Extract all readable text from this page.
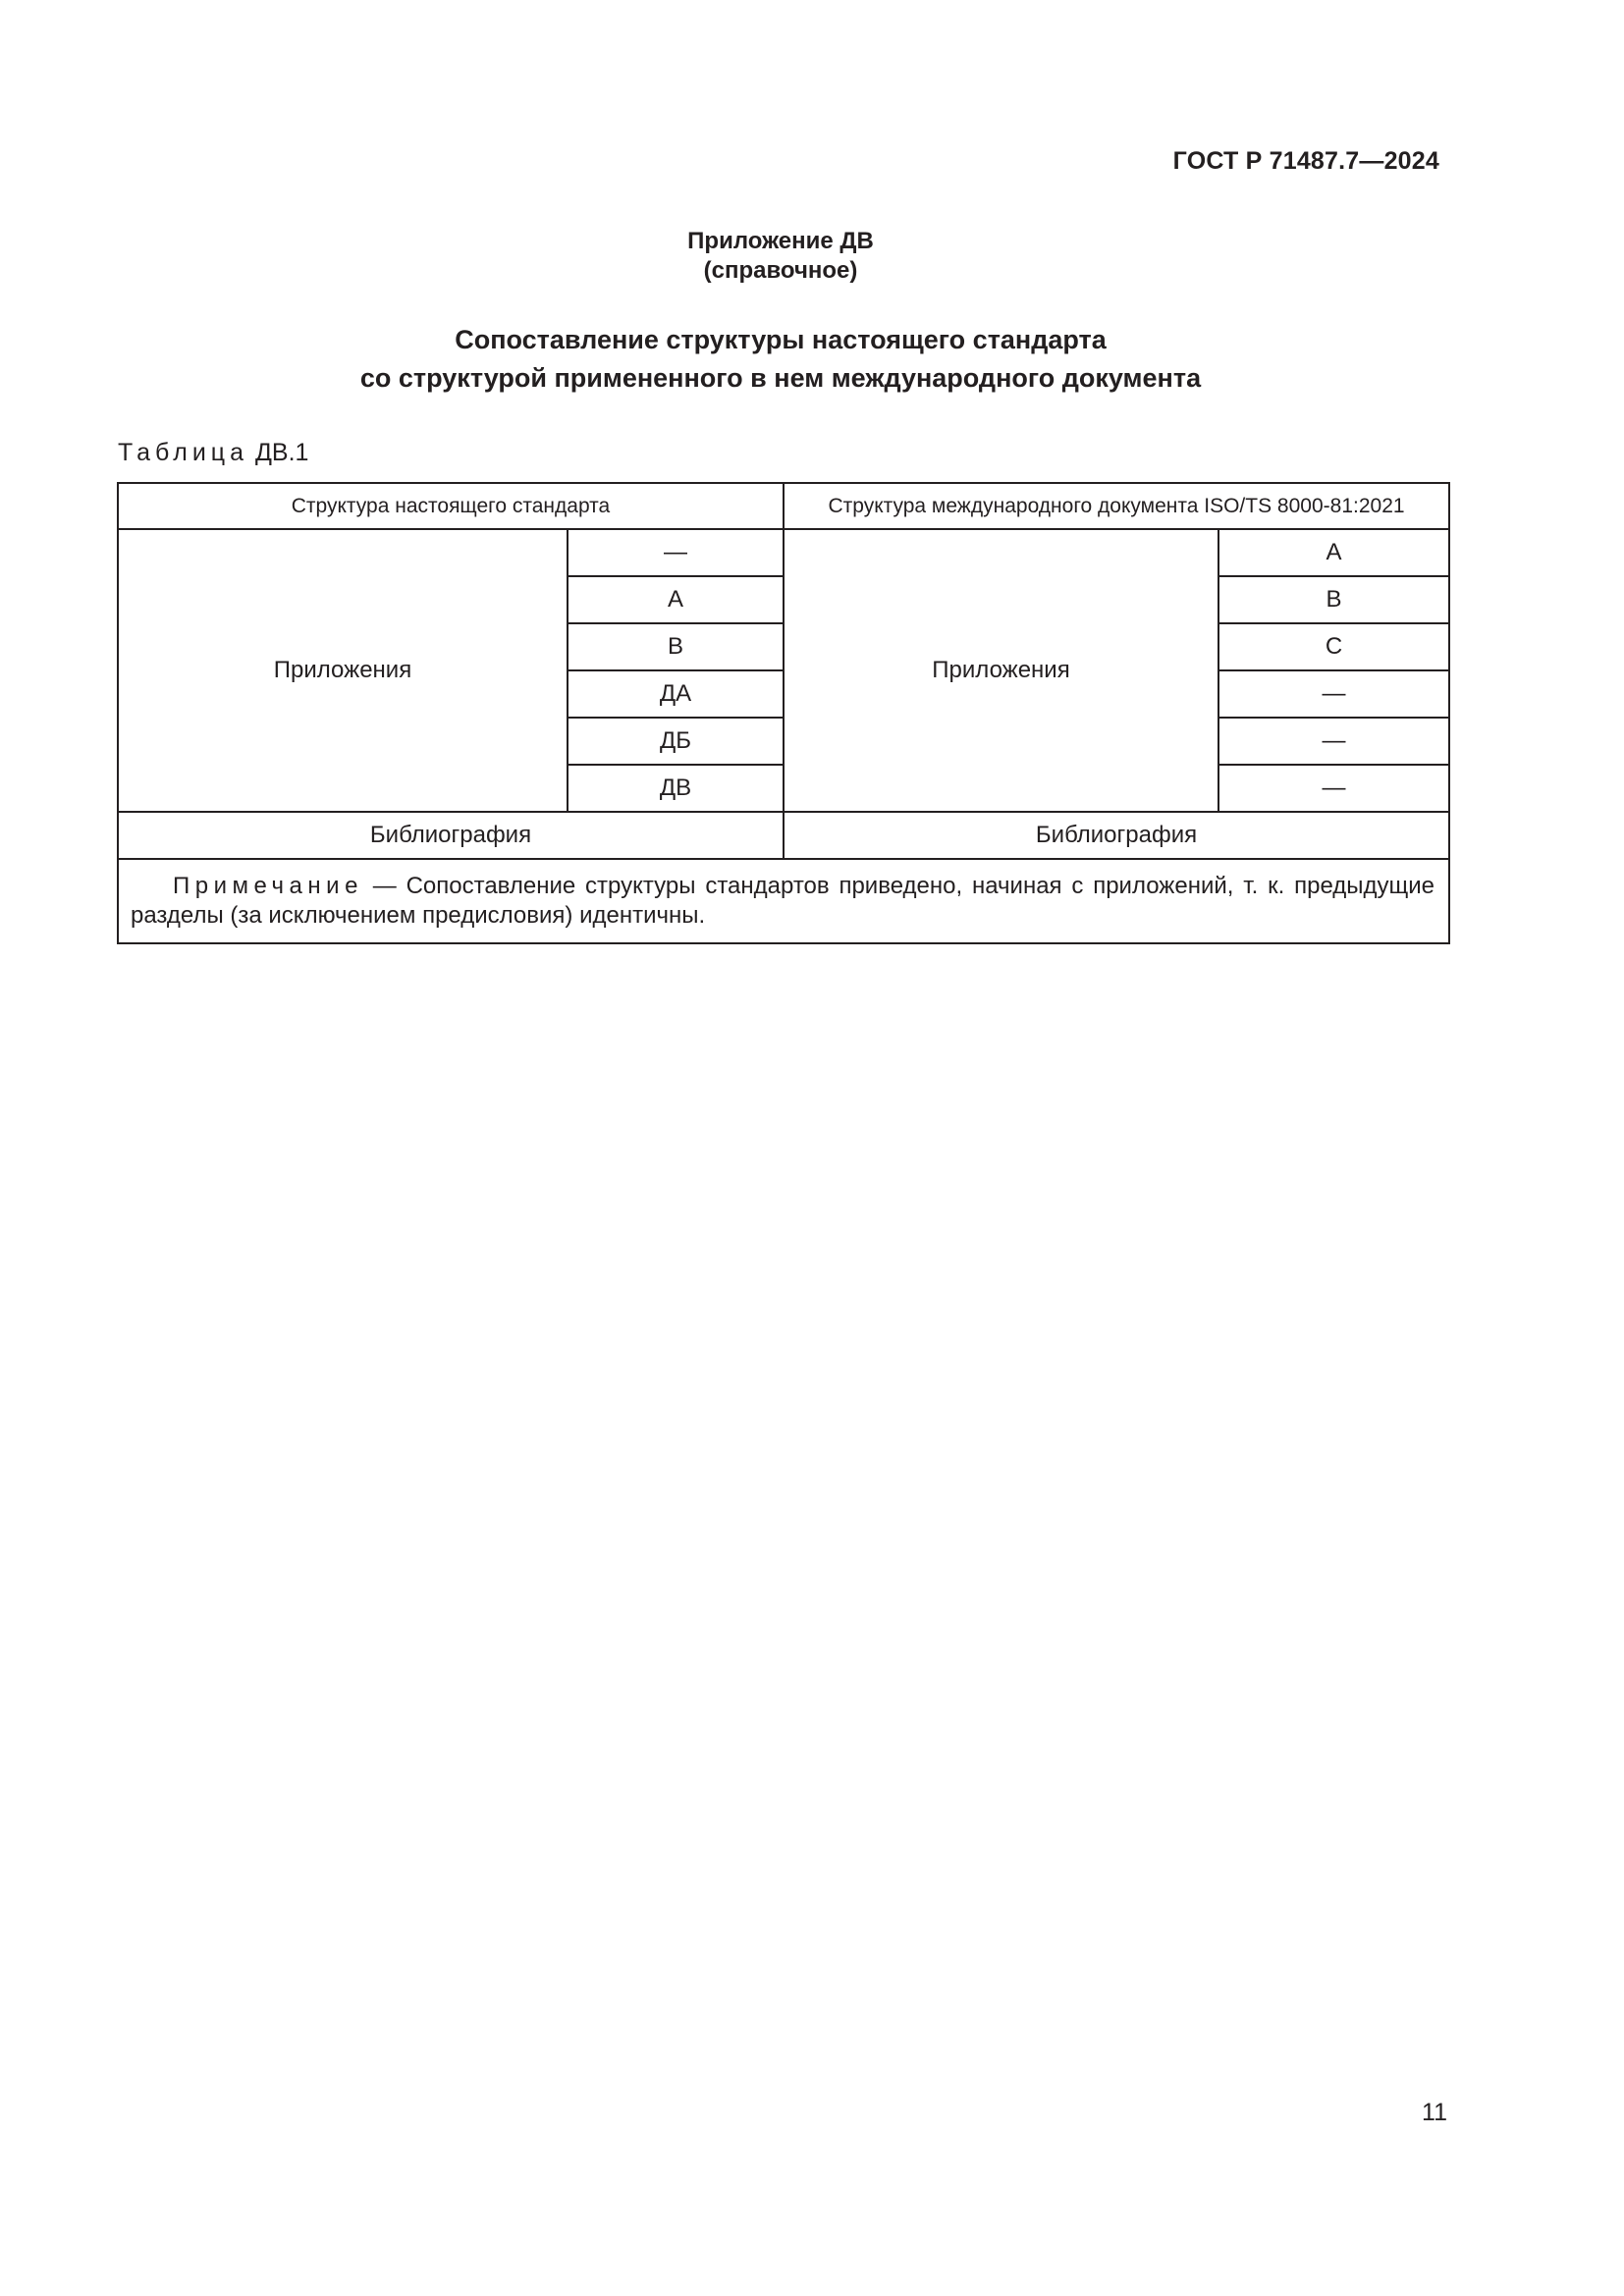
ГОСТ Р 71487.7—2024
Приложение ДВ
(справочное)
Сопоставление структуры настоящего стандарта
со структурой примененного в нем международного документа
Таблица ДВ.1
Структура настоящего стандарта		Структура международного документа ISO/TS 8000-81:2021	
Приложения	—	Приложения	А
	А		В
	В		С
	ДА		—
	ДБ		—
	ДВ		—
Библиография		Библиография	
Примечание — Сопоставление структуры стандартов приведено, начиная с приложений, т. к. предыдущие разделы (за исключением предисловия) идентичны.			
11
